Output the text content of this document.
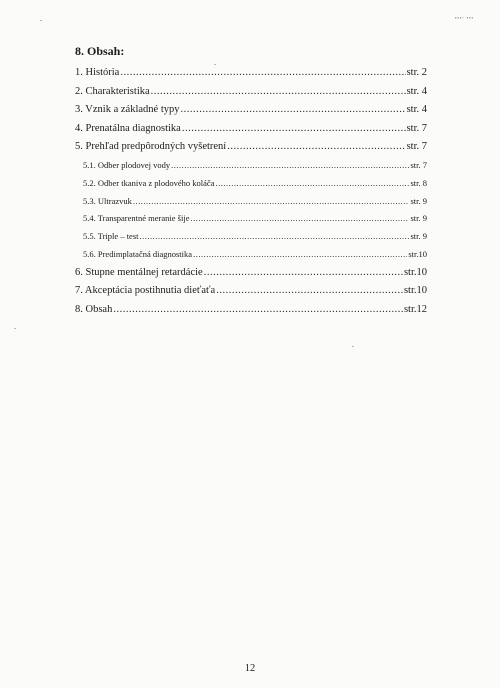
▪▪▪▫ ▪▪▪
8. Obsah:
1. História .....	str. 2
2. Charakteristika .....	str. 4
3. Vznik a základné typy .....	str. 4
4. Prenatálna diagnostika .....	str. 7
5. Prehľad predpôrodných vyšetrení .....	str. 7
5.1. Odber plodovej vody .....	str. 7
5.2. Odber tkaniva z plodového koláča .....	str. 8
5.3. Ultrazvuk .....	str. 9
5.4. Transparentné meranie šije .....	str. 9
5.5. Triple – test .....	str. 9
5.6. Predimplatačná diagnostika .....	str.10
6. Stupne mentálnej retardácie .....	str.10
7. Akceptácia postihnutia dieťaťa .....	str.10
8. Obsah .....	str.12
12
